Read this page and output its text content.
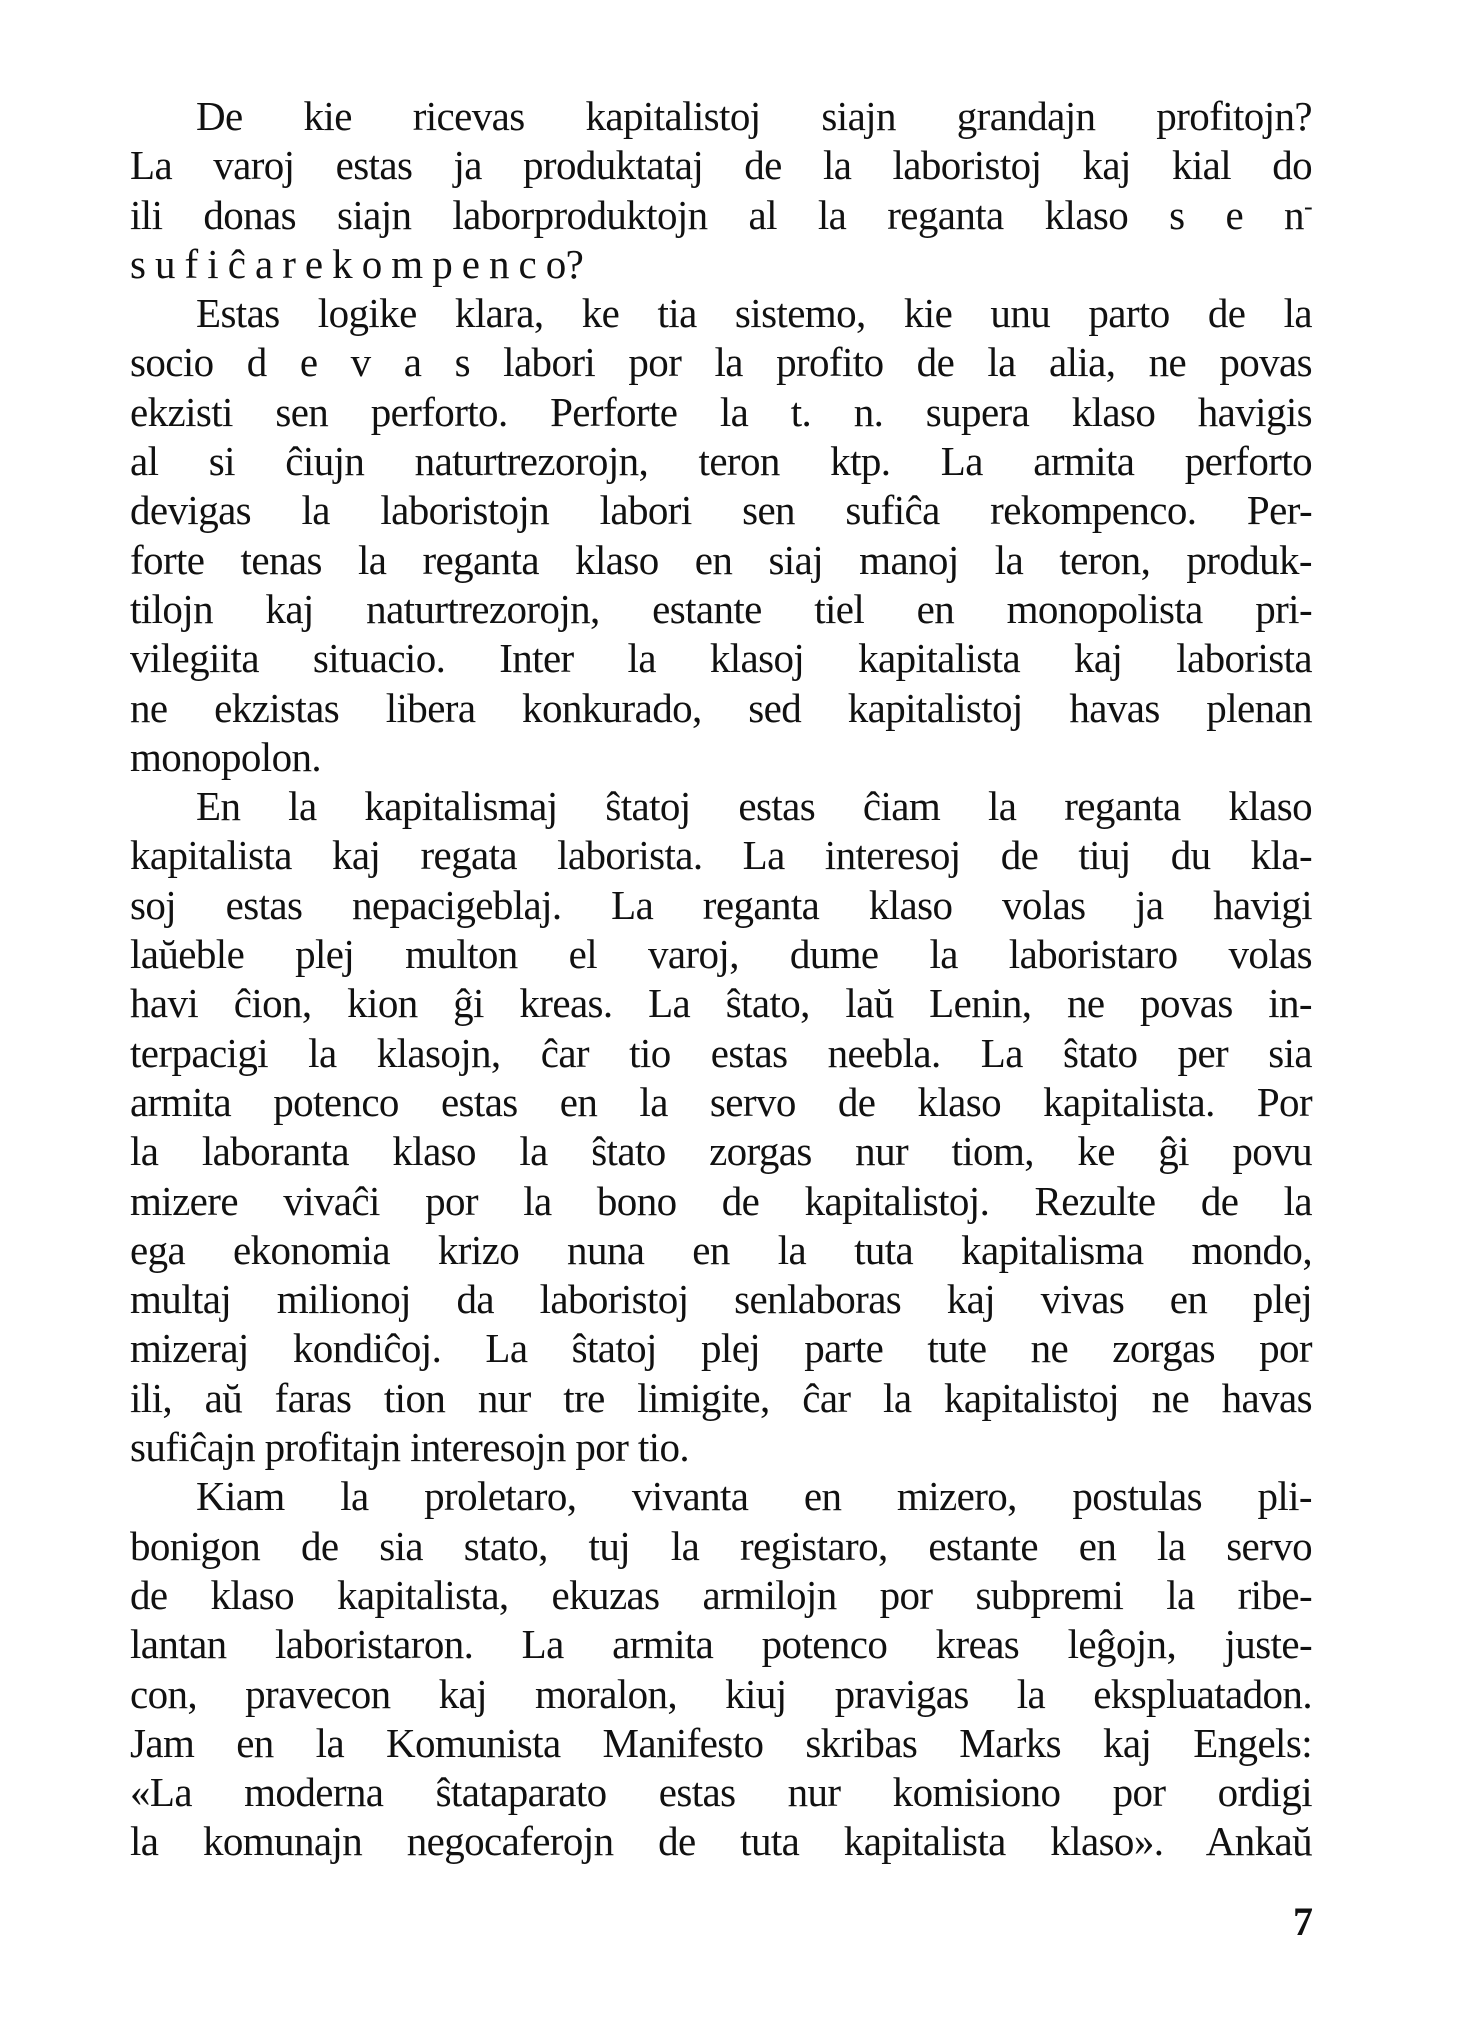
De kie ricevas kapitalistoj siajn grandajn profitojn?
La varoj estas ja produktataj de la laboristoj kaj kial do
ili donas siajn laborproduktojn al la reganta klaso s e n-
s u f i ĉ a r e k o m p e n c o?
Estas logike klara, ke tia sistemo, kie unu parto de la
socio d e v a s labori por la profito de la alia, ne povas
ekzisti sen perforto. Perforte la t. n. supera klaso havigis
al si ĉiujn naturtrezorojn, teron ktp. La armita perforto
devigas la laboristojn labori sen sufiĉa rekompenco. Per-
forte tenas la reganta klaso en siaj manoj la teron, produk-
tilojn kaj naturtrezorojn, estante tiel en monopolista pri-
vilegiita situacio. Inter la klasoj kapitalista kaj laborista
ne ekzistas libera konkurado, sed kapitalistoj havas plenan
monopolon.
En la kapitalismaj ŝtatoj estas ĉiam la reganta klaso
kapitalista kaj regata laborista. La interesoj de tiuj du kla-
soj estas nepacigeblaj. La reganta klaso volas ja havigi
laŭeble plej multon el varoj, dume la laboristaro volas
havi ĉion, kion ĝi kreas. La ŝtato, laŭ Lenin, ne povas in-
terpacigi la klasojn, ĉar tio estas neebla. La ŝtato per sia
armita potenco estas en la servo de klaso kapitalista. Por
la laboranta klaso la ŝtato zorgas nur tiom, ke ĝi povu
mizere vivaĉi por la bono de kapitalistoj. Rezulte de la
ega ekonomia krizo nuna en la tuta kapitalisma mondo,
multaj milionoj da laboristoj senlaboras kaj vivas en plej
mizeraj kondiĉoj. La ŝtatoj plej parte tute ne zorgas por
ili, aŭ faras tion nur tre limigite, ĉar la kapitalistoj ne havas
sufiĉajn profitajn interesojn por tio.
Kiam la proletaro, vivanta en mizero, postulas pli-
bonigon de sia stato, tuj la registaro, estante en la servo
de klaso kapitalista, ekuzas armilojn por subpremi la ribe-
lantan laboristaron. La armita potenco kreas leĝojn, juste-
con, pravecon kaj moralon, kiuj pravigas la ekspluatadon.
Jam en la Komunista Manifesto skribas Marks kaj Engels:
«La moderna ŝtataparato estas nur komisiono por ordigi
la komunajn negocaferojn de tuta kapitalista klaso». Ankaŭ
7
